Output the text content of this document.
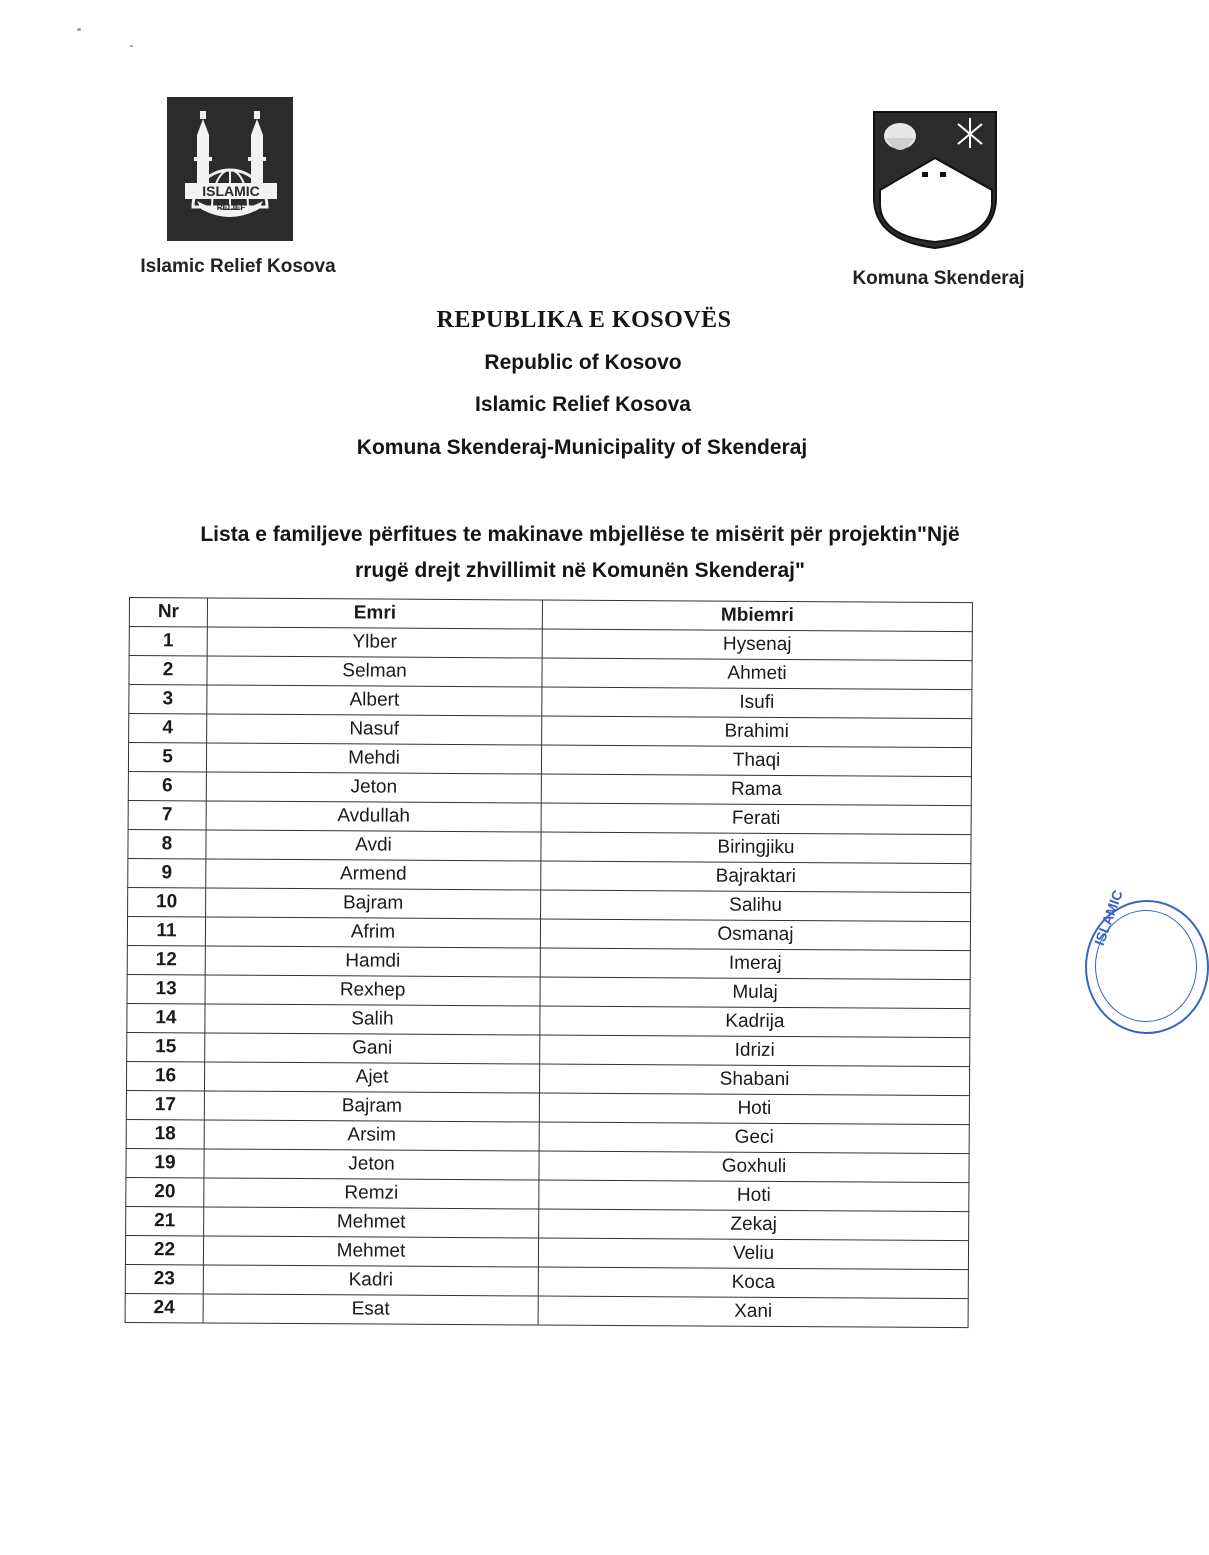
ISLAMIC
RELIEF
Islamic Relief Kosova
Komuna Skenderaj
REPUBLIKA E KOSOVËS
Republic of Kosovo
Islamic Relief Kosova
Komuna Skenderaj-Municipality of Skenderaj
Lista e familjeve përfitues te makinave mbjellëse te misërit për projektin"Një
rrugë drejt zhvillimit në Komunën Skenderaj"
Nr	Emri	Mbiemri
1	Ylber	Hysenaj
2	Selman	Ahmeti
3	Albert	Isufi
4	Nasuf	Brahimi
5	Mehdi	Thaqi
6	Jeton	Rama
7	Avdullah	Ferati
8	Avdi	Biringjiku
9	Armend	Bajraktari
10	Bajram	Salihu
11	Afrim	Osmanaj
12	Hamdi	Imeraj
13	Rexhep	Mulaj
14	Salih	Kadrija
15	Gani	Idrizi
16	Ajet	Shabani
17	Bajram	Hoti
18	Arsim	Geci
19	Jeton	Goxhuli
20	Remzi	Hoti
21	Mehmet	Zekaj
22	Mehmet	Veliu
23	Kadri	Koca
24	Esat	Xani
ISLAMIC
